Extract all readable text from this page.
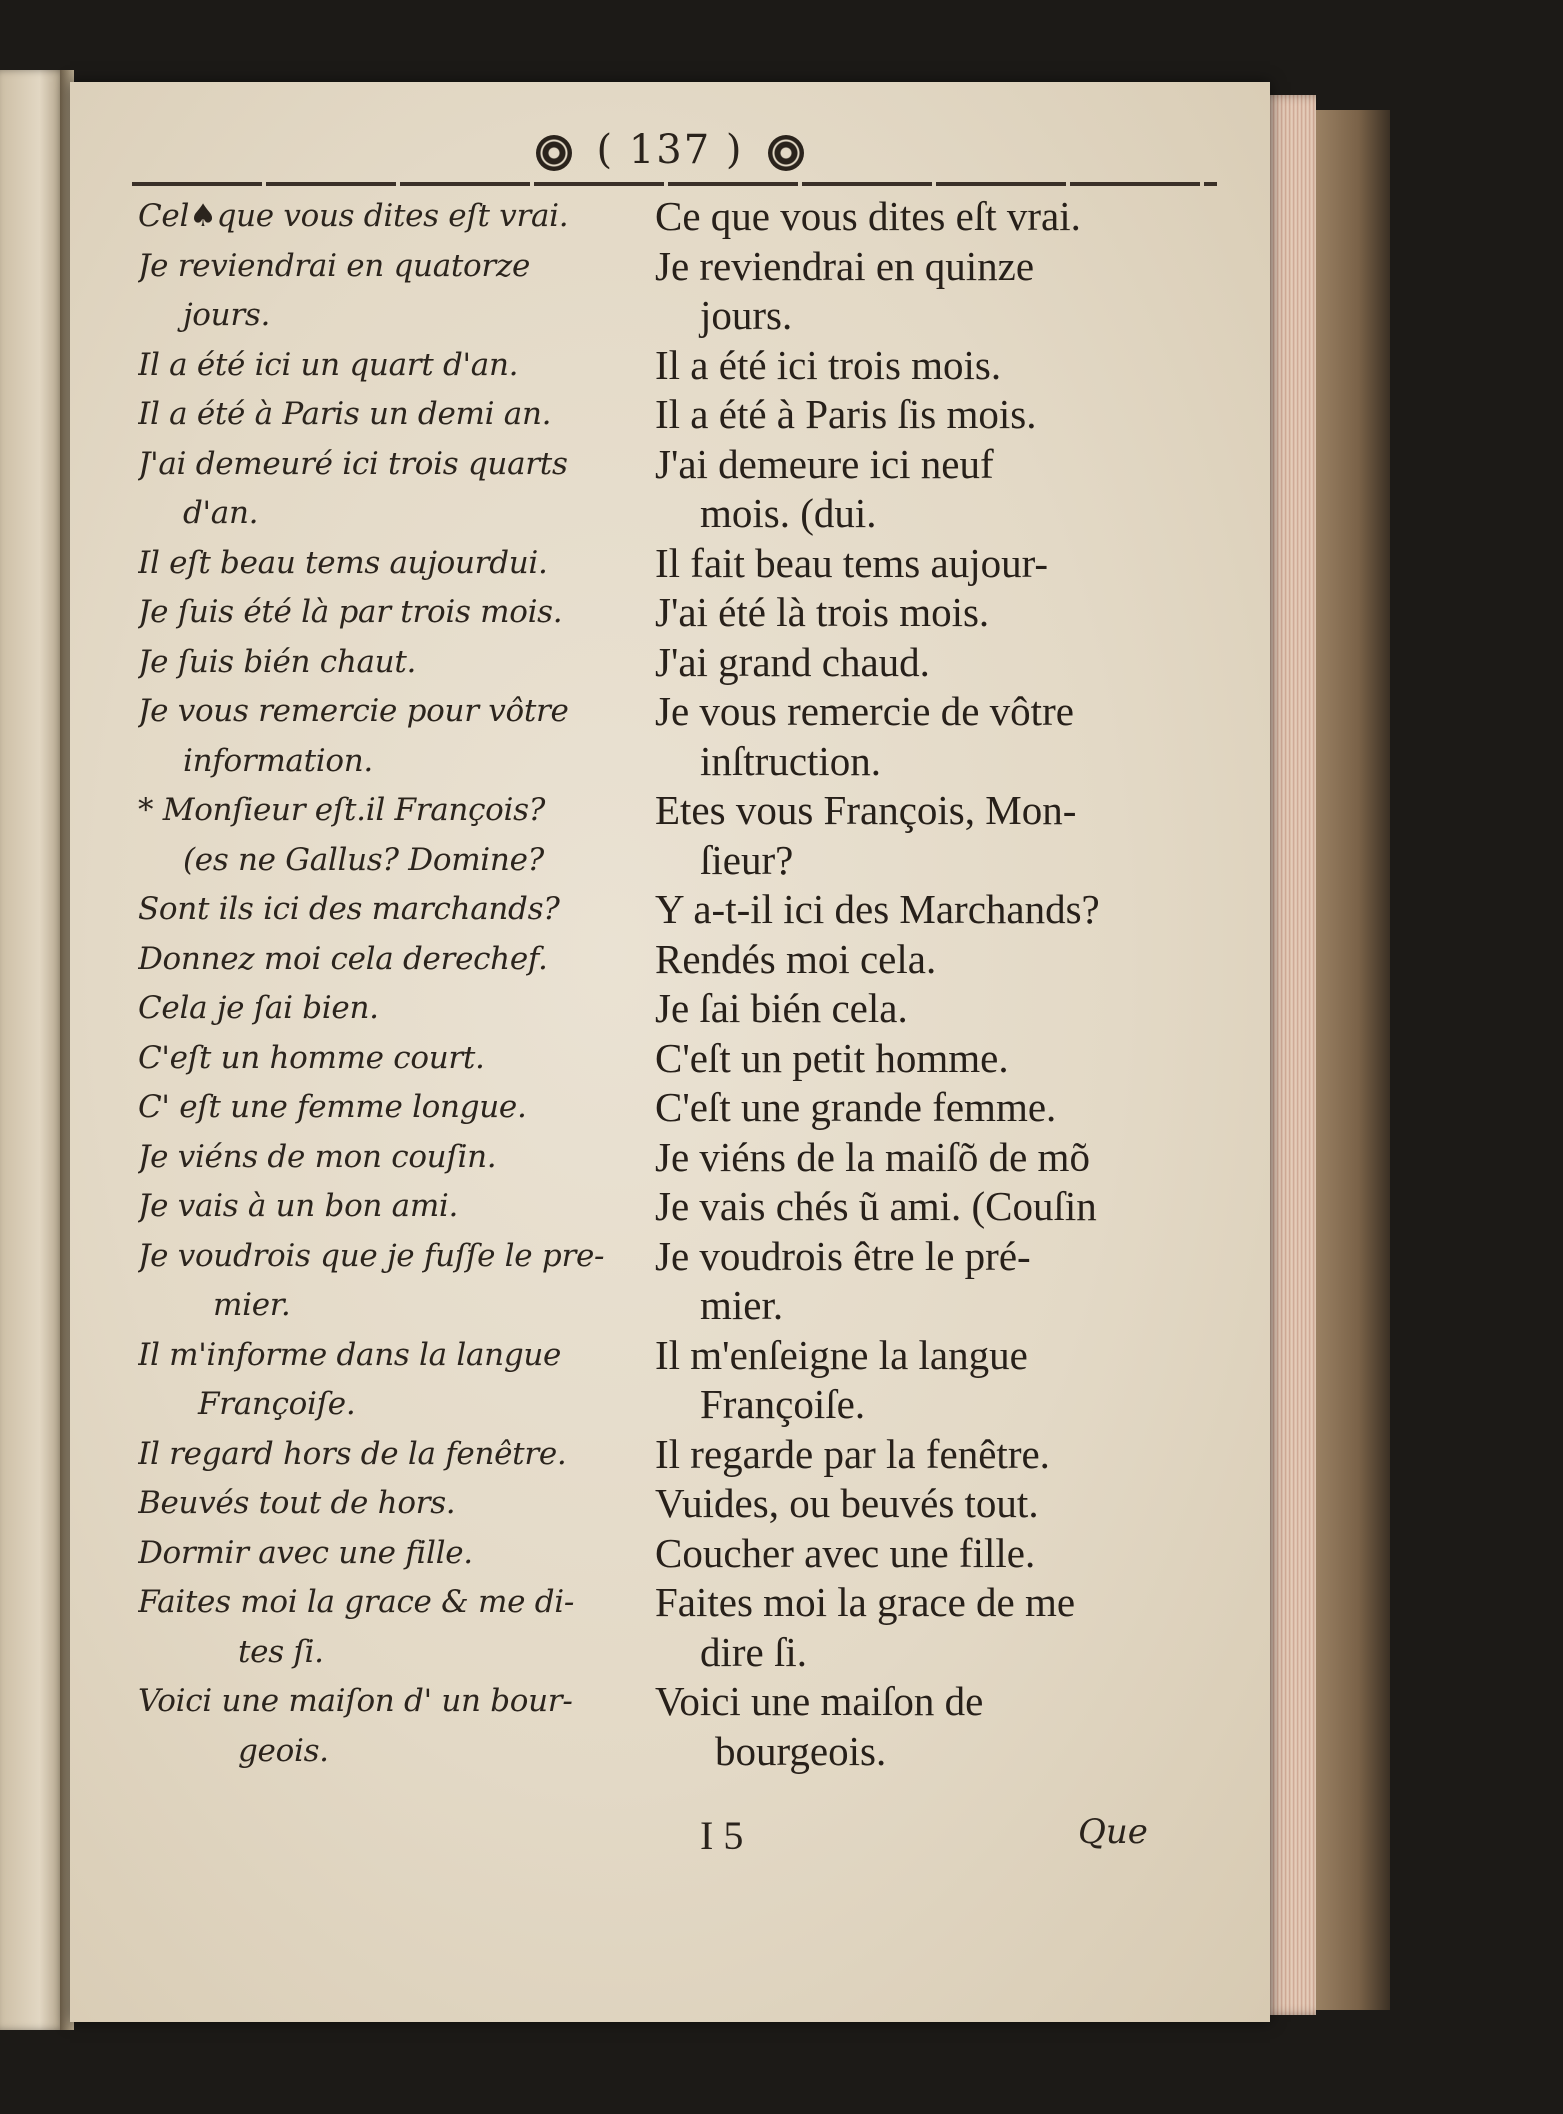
( 137 )
Cel♠que vous dites eſt vrai.
Je reviendrai en quatorze
jours.
Il a été ici un quart d'an.
Il a été à Paris un demi an.
J'ai demeuré ici trois quarts
d'an.
Il eſt beau tems aujourdui.
Je ſuis été là par trois mois.
Je ſuis bién chaut.
Je vous remercie pour vôtre
information.
* Monſieur eſt.il François?
(es ne Gallus? Domine?
Sont ils ici des marchands?
Donnez moi cela derechef.
Cela je ſai bien.
C'eſt un homme court.
C' eſt une femme longue.
Je viéns de mon couſin.
Je vais à un bon ami.
Je voudrois que je fuſſe le pre-
mier.
Il m'informe dans la langue
Françoiſe.
Il regard hors de la fenêtre.
Beuvés tout de hors.
Dormir avec une fille.
Faites moi la grace & me di-
tes ſi.
Voici une maiſon d' un bour-
geois.
Ce que vous dites eſt vrai.
Je reviendrai en quinze
jours.
Il a été ici trois mois.
Il a été à Paris ſis mois.
J'ai demeure ici neuf
mois. (dui.
Il fait beau tems aujour-
J'ai été là trois mois.
J'ai grand chaud.
Je vous remercie de vôtre
inſtruction.
Etes vous François, Mon-
ſieur?
Y a-t-il ici des Marchands?
Rendés moi cela.
Je ſai bién cela.
C'eſt un petit homme.
C'eſt une grande femme.
Je viéns de la maiſõ de mõ
Je vais chés ũ ami. (Couſin
Je voudrois être le pré-
mier.
Il m'enſeigne la langue
Françoiſe.
Il regarde par la fenêtre.
Vuides, ou beuvés tout.
Coucher avec une fille.
Faites moi la grace de me
dire ſi.
Voici une maiſon de
bourgeois.
I 5	Que
